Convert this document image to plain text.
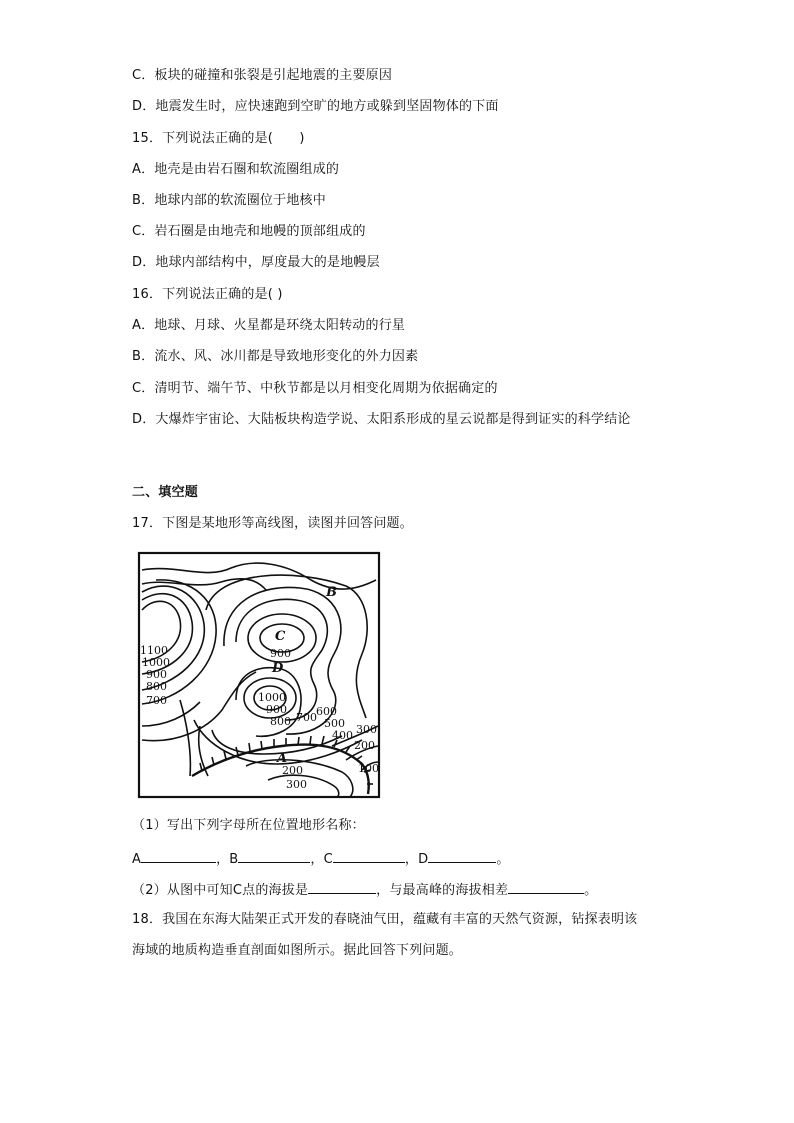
C．板块的碰撞和张裂是引起地震的主要原因
D．地震发生时，应快速跑到空旷的地方或躲到坚固物体的下面
15．下列说法正确的是(　　)
A．地壳是由岩石圈和软流圈组成的
B．地球内部的软流圈位于地核中
C．岩石圈是由地壳和地幔的顶部组成的
D．地球内部结构中，厚度最大的是地幔层
16．下列说法正确的是( )
A．地球、月球、火星都是环绕太阳转动的行星
B．流水、风、冰川都是导致地形变化的外力因素
C．清明节、端午节、中秋节都是以月相变化周期为依据确定的
D．大爆炸宇宙论、大陆板块构造学说、太阳系形成的星云说都是得到证实的科学结论
二、填空题
17．下图是某地形等高线图，读图并回答问题。
B
C
D
A
1100
1000
900
800
700
900
1000
900
800 700 600
500
400 300
200
100
200
300
（1）写出下列字母所在位置地形名称：
A	，B	，C	，D	。
（2）从图中可知C点的海拔是	，与最高峰的海拔相差	。
18．我国在东海大陆架正式开发的春晓油气田，蕴藏有丰富的天然气资源，钻探表明该
海域的地质构造垂直剖面如图所示。据此回答下列问题。
